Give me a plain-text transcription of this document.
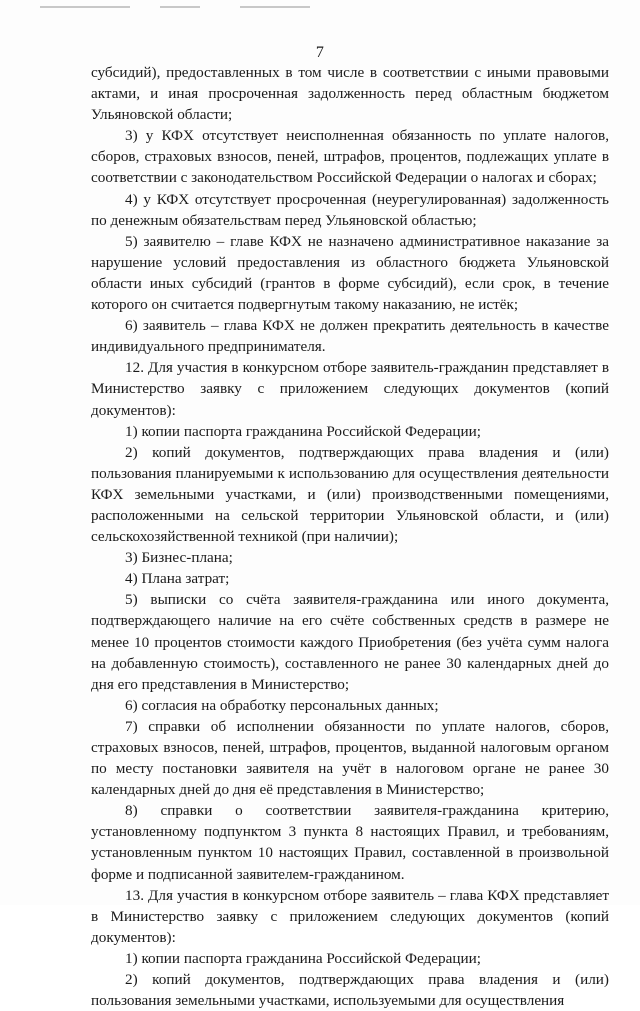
7

субсидий), предоставленных в том числе в соответствии с иными правовыми актами, и иная просроченная задолженность перед областным бюджетом Ульяновской области;

3) у КФХ отсутствует неисполненная обязанность по уплате налогов, сборов, страховых взносов, пеней, штрафов, процентов, подлежащих уплате в соответствии с законодательством Российской Федерации о налогах и сборах;

4) у КФХ отсутствует просроченная (неурегулированная) задолженность по денежным обязательствам перед Ульяновской областью;

5) заявителю – главе КФХ не назначено административное наказание за нарушение условий предоставления из областного бюджета Ульяновской области иных субсидий (грантов в форме субсидий), если срок, в течение которого он считается подвергнутым такому наказанию, не истёк;

6) заявитель – глава КФХ не должен прекратить деятельность в качестве индивидуального предпринимателя.

12. Для участия в конкурсном отборе заявитель-гражданин представляет в Министерство заявку с приложением следующих документов (копий документов):

1) копии паспорта гражданина Российской Федерации;

2) копий документов, подтверждающих права владения и (или) пользования планируемыми к использованию для осуществления деятельности КФХ земельными участками, и (или) производственными помещениями, расположенными на сельской территории Ульяновской области, и (или) сельскохозяйственной техникой (при наличии);

3) Бизнес-плана;

4) Плана затрат;

5) выписки со счёта заявителя-гражданина или иного документа, подтверждающего наличие на его счёте собственных средств в размере не менее 10 процентов стоимости каждого Приобретения (без учёта сумм налога на добавленную стоимость), составленного не ранее 30 календарных дней до дня его представления в Министерство;

6) согласия на обработку персональных данных;

7) справки об исполнении обязанности по уплате налогов, сборов, страховых взносов, пеней, штрафов, процентов, выданной налоговым органом по месту постановки заявителя на учёт в налоговом органе не ранее 30 календарных дней до дня её представления в Министерство;

8) справки о соответствии заявителя-гражданина критерию, установленному подпунктом 3 пункта 8 настоящих Правил, и требованиям, установленным пунктом 10 настоящих Правил, составленной в произвольной форме и подписанной заявителем-гражданином.

13. Для участия в конкурсном отборе заявитель – глава КФХ представляет в Министерство заявку с приложением следующих документов (копий документов):

1) копии паспорта гражданина Российской Федерации;

2) копий документов, подтверждающих права владения и (или) пользования земельными участками, используемыми для осуществления
